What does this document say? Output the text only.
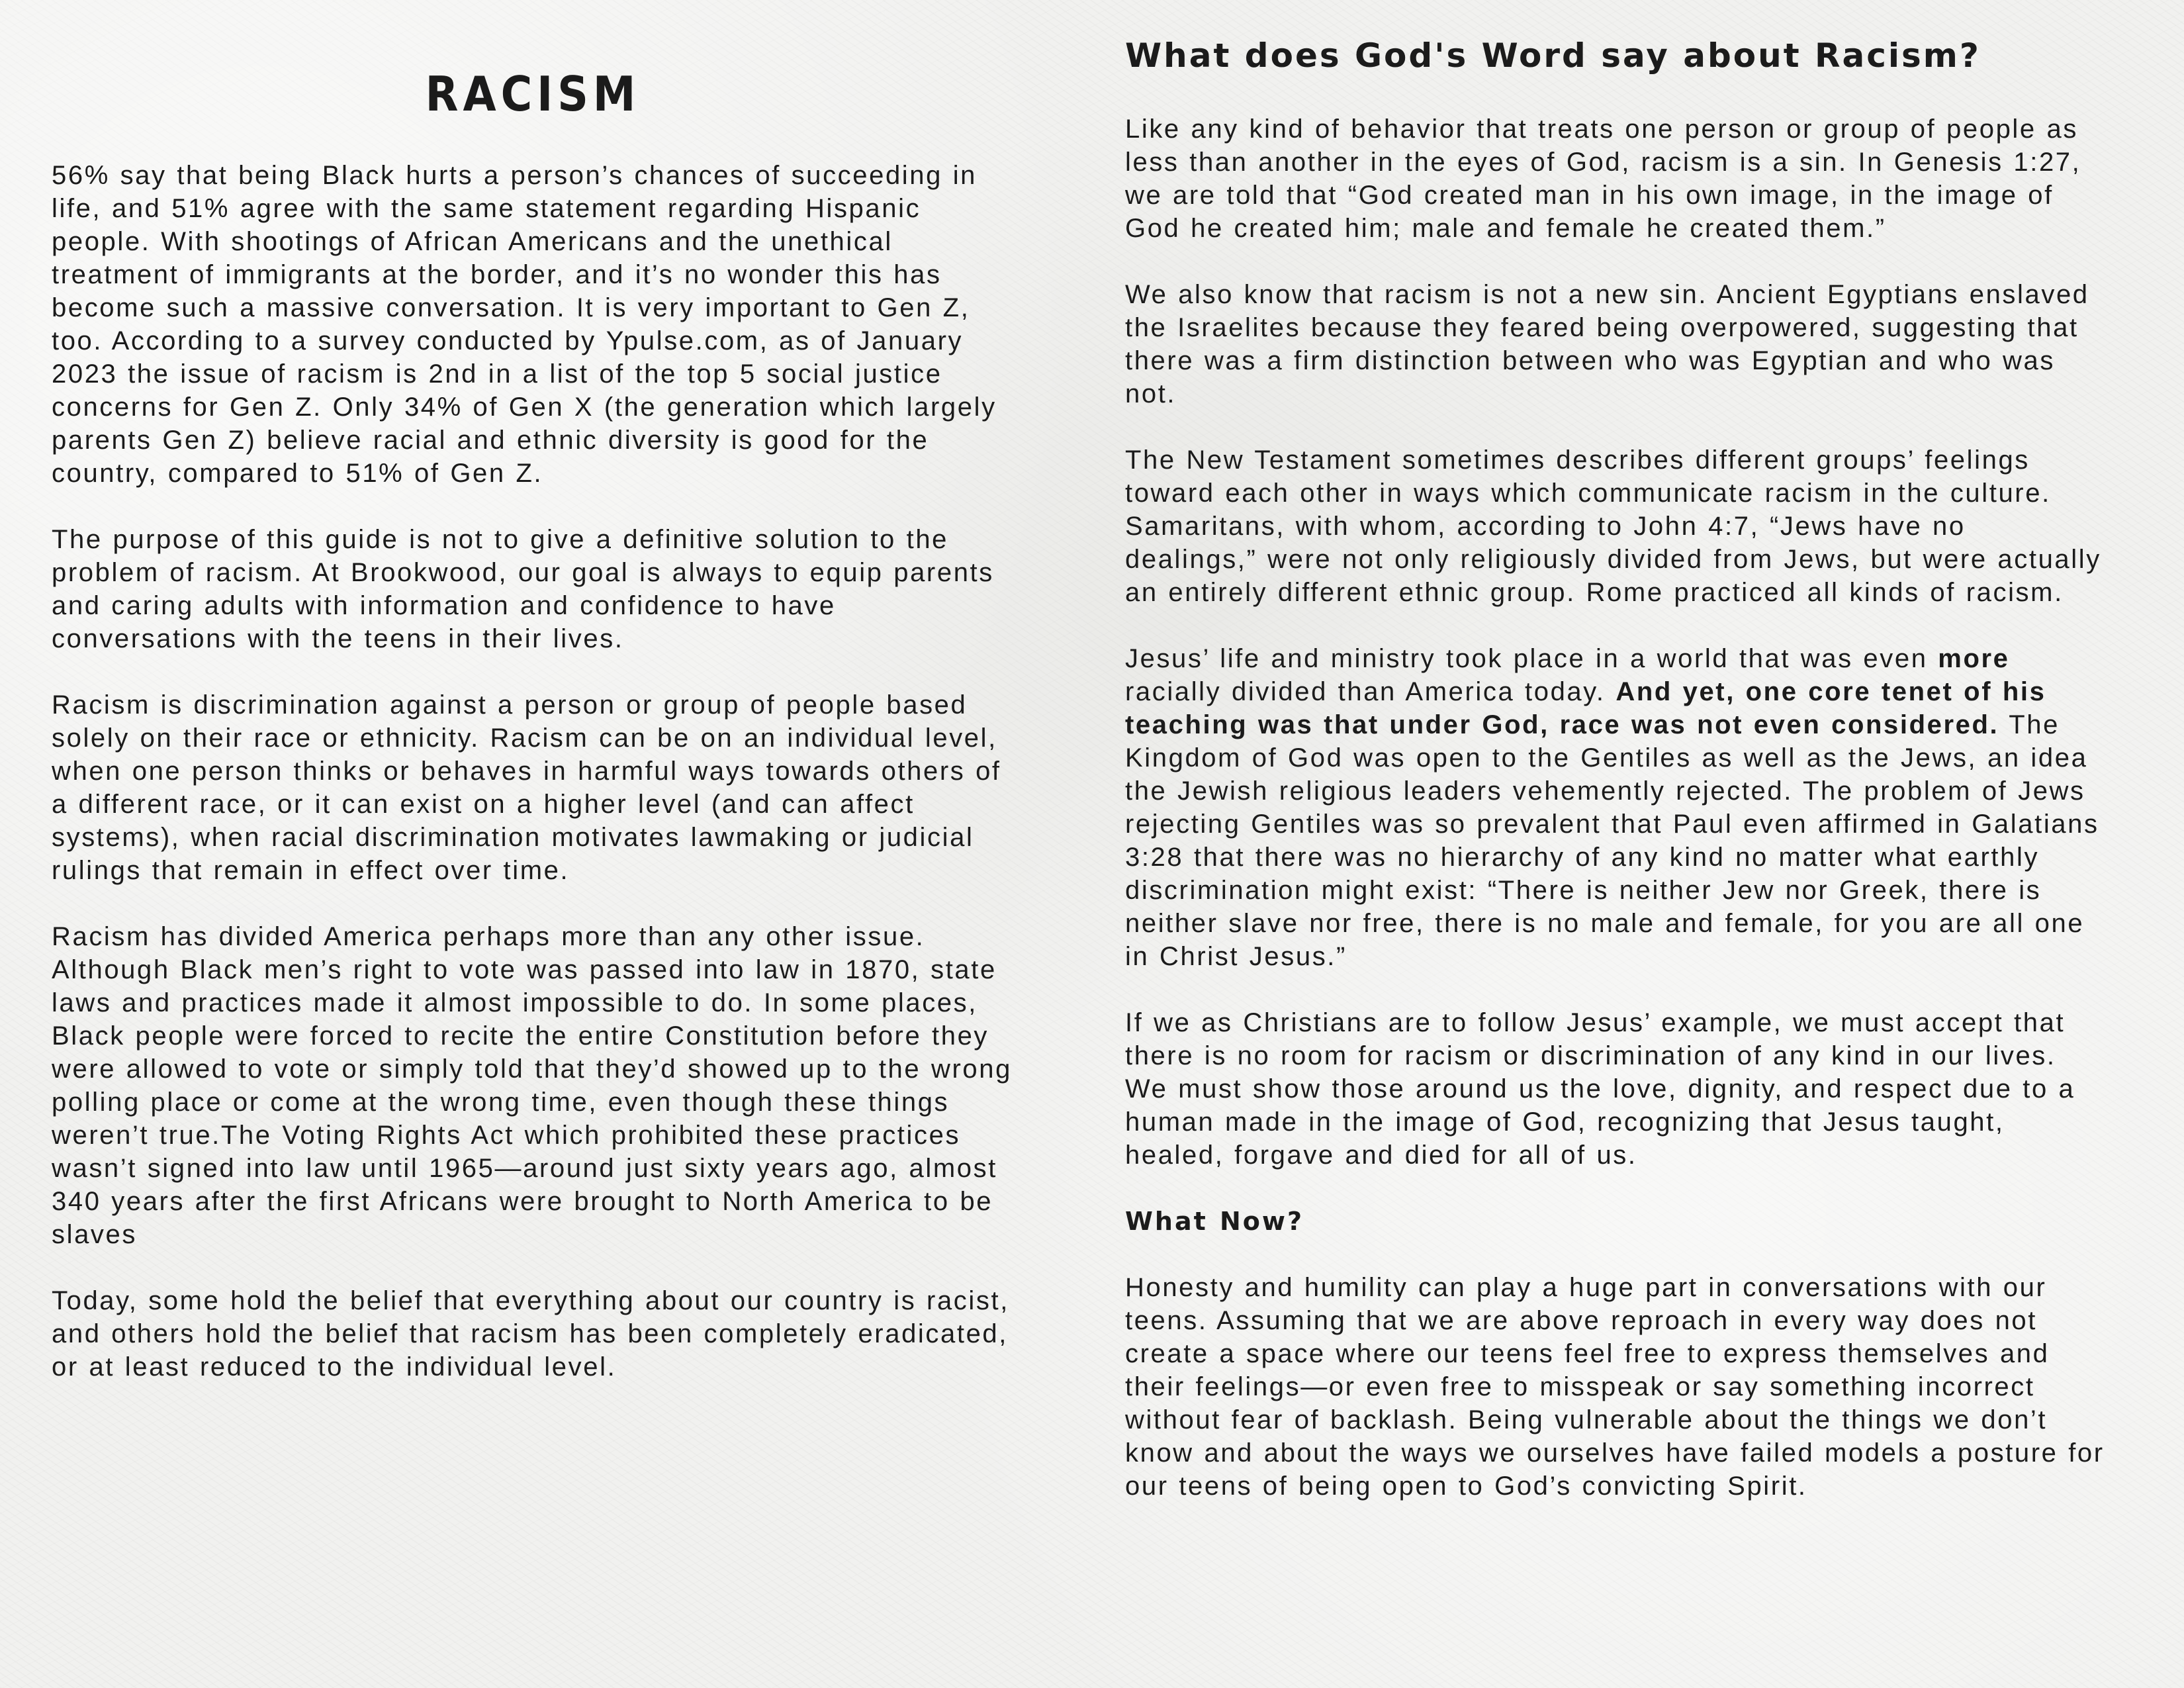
RACISM

56% say that being Black hurts a person’s chances of succeeding in life, and 51% agree with the same statement regarding Hispanic people. With shootings of African Americans and the unethical treatment of immigrants at the border, and it’s no wonder this has become such a massive conversation. It is very important to Gen Z, too. According to a survey conducted by Ypulse.com, as of January 2023 the issue of racism is 2nd in a list of the top 5 social justice concerns for Gen Z. Only 34% of Gen X (the generation which largely parents Gen Z) believe racial and ethnic diversity is good for the country, compared to 51% of Gen Z.

The purpose of this guide is not to give a definitive solution to the problem of racism. At Brookwood, our goal is always to equip parents and caring adults with information and confidence to have conversations with the teens in their lives.

Racism is discrimination against a person or group of people based solely on their race or ethnicity. Racism can be on an individual level, when one person thinks or behaves in harmful ways towards others of a different race, or it can exist on a higher level (and can affect systems), when racial discrimination motivates lawmaking or judicial rulings that remain in effect over time.

Racism has divided America perhaps more than any other issue. Although Black men’s right to vote was passed into law in 1870, state laws and practices made it almost impossible to do. In some places, Black people were forced to recite the entire Constitution before they were allowed to vote or simply told that they’d showed up to the wrong polling place or come at the wrong time, even though these things weren’t true.The Voting Rights Act which prohibited these practices wasn’t signed into law until 1965—around just sixty years ago, almost 340 years after the first Africans were brought to North America to be slaves

Today, some hold the belief that everything about our country is racist, and others hold the belief that racism has been completely eradicated, or at least reduced to the individual level.

What does God's Word say about Racism?

Like any kind of behavior that treats one person or group of people as less than another in the eyes of God, racism is a sin. In Genesis 1:27, we are told that “God created man in his own image, in the image of God he created him; male and female he created them.”

We also know that racism is not a new sin. Ancient Egyptians enslaved the Israelites because they feared being overpowered, suggesting that there was a firm distinction between who was Egyptian and who was not.

The New Testament sometimes describes different groups’ feelings toward each other in ways which communicate racism in the culture. Samaritans, with whom, according to John 4:7, “Jews have no dealings,” were not only religiously divided from Jews, but were actually an entirely different ethnic group. Rome practiced all kinds of racism.

Jesus’ life and ministry took place in a world that was even more racially divided than America today. And yet, one core tenet of his teaching was that under God, race was not even considered. The Kingdom of God was open to the Gentiles as well as the Jews, an idea the Jewish religious leaders vehemently rejected. The problem of Jews rejecting Gentiles was so prevalent that Paul even affirmed in Galatians 3:28 that there was no hierarchy of any kind no matter what earthly discrimination might exist: “There is neither Jew nor Greek, there is neither slave nor free, there is no male and female, for you are all one in Christ Jesus.”

If we as Christians are to follow Jesus’ example, we must accept that there is no room for racism or discrimination of any kind in our lives. We must show those around us the love, dignity, and respect due to a human made in the image of God, recognizing that Jesus taught, healed, forgave and died for all of us.

What Now?

Honesty and humility can play a huge part in conversations with our teens. Assuming that we are above reproach in every way does not create a space where our teens feel free to express themselves and their feelings—or even free to misspeak or say something incorrect without fear of backlash. Being vulnerable about the things we don’t know and about the ways we ourselves have failed models a posture for our teens of being open to God’s convicting Spirit.
